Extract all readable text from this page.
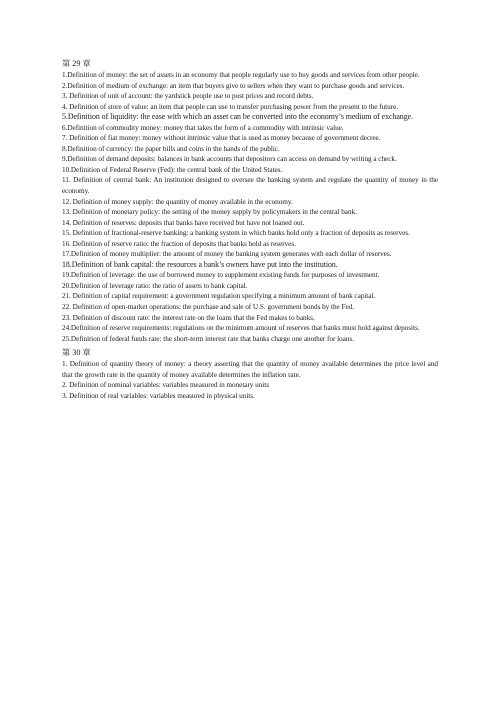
第 29 章

1.Definition of money: the set of assets in an economy that people regularly use to buy goods and services from other people.

2.Definition of medium of exchange: an item that buyers give to sellers when they want to purchase goods and services.

3. Definition of unit of account: the yardstick people use to post prices and record debts.

4. Definition of store of value: an item that people can use to transfer purchasing power from the present to the future.

5.Definition of liquidity: the ease with which an asset can be converted into the economy’s medium of exchange.

6.Definition of commodity money: money that takes the form of a commodity with intrinsic value.

7. Definition of fiat money: money without intrinsic value that is used as money because of government decree.

8.Definition of currency: the paper bills and coins in the hands of the public.

9.Definition of demand deposits: balances in bank accounts that depositors can access on demand by writing a check.

10.Definition of Federal Reserve (Fed): the central bank of the United States.

11. Definition of central bank: An institution designed to oversee the banking system and regulate the quantity of money in the economy.

12. Definition of money supply: the quantity of money available in the economy.

13. Definition of monetary policy: the setting of the money supply by policymakers in the central bank.

14. Definition of reserves: deposits that banks have received but have not loaned out.

15. Definition of fractional-reserve banking: a banking system in which banks hold only a fraction of deposits as reserves.

16. Definition of reserve ratio: the fraction of deposits that banks hold as reserves.

17.Definition of money multiplier: the amount of money the banking system generates with each dollar of reserves.

18.Definition of bank capital: the resources a bank’s owners have put into the institution.

19.Definition of leverage: the use of borrowed money to supplement existing funds for purposes of investment.

20.Definition of leverage ratio: the ratio of assets to bank capital.

21. Definition of capital requirement: a government regulation specifying a minimum amount of bank capital.

22. Definition of open-market operations: the purchase and sale of U.S. government bonds by the Fed.

23. Definition of discount rate: the interest rate on the loans that the Fed makes to banks.

24.Definition of reserve requirements: regulations on the minimum amount of reserves that banks must hold against deposits.

25.Definition of federal funds rate: the short-term interest rate that banks charge one another for loans.

第 30 章

1. Definition of quantity theory of money: a theory asserting that the quantity of money available determines the price level and that the growth rate in the quantity of money available determines the inflation rate.

2. Definition of nominal variables: variables measured in monetary units

3. Definition of real variables: variables measured in physical units.
